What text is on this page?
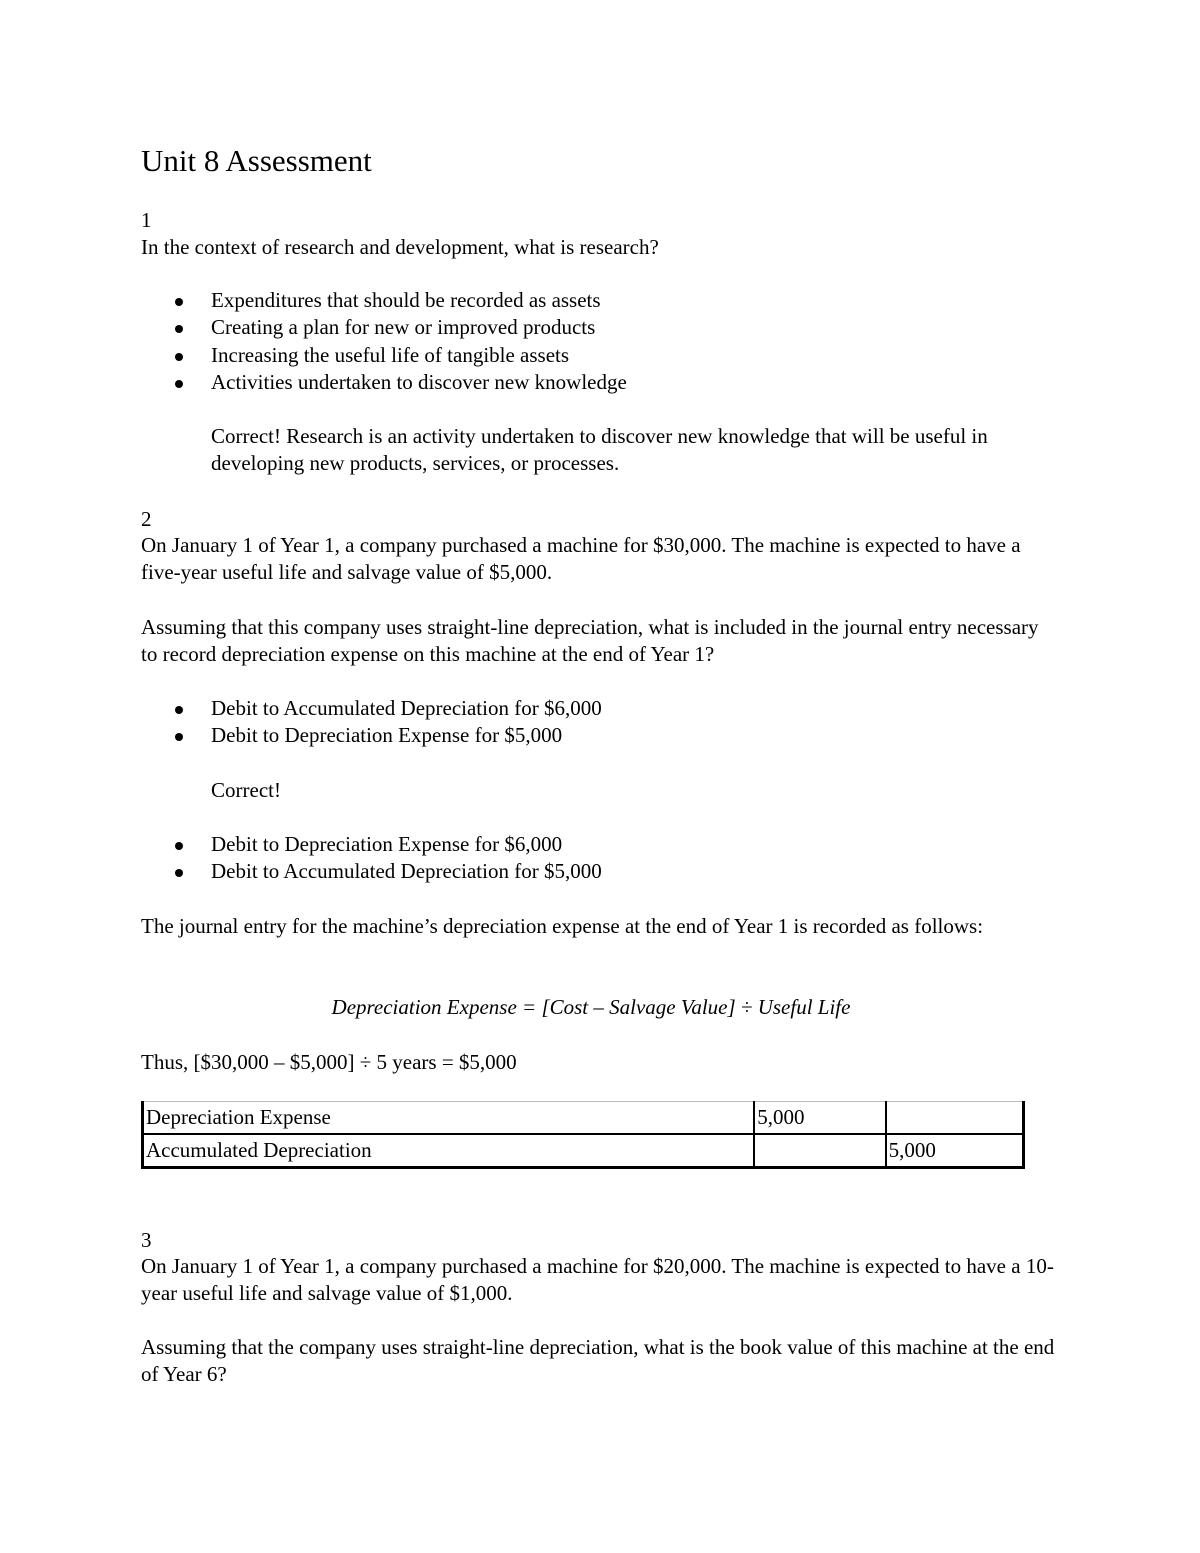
Unit 8 Assessment
1
In the context of research and development, what is research?
Expenditures that should be recorded as assets
Creating a plan for new or improved products
Increasing the useful life of tangible assets
Activities undertaken to discover new knowledge
Correct! Research is an activity undertaken to discover new knowledge that will be useful in developing new products, services, or processes.
2
On January 1 of Year 1, a company purchased a machine for $30,000. The machine is expected to have a five-year useful life and salvage value of $5,000.
Assuming that this company uses straight-line depreciation, what is included in the journal entry necessary to record depreciation expense on this machine at the end of Year 1?
Debit to Accumulated Depreciation for $6,000
Debit to Depreciation Expense for $5,000
Correct!
Debit to Depreciation Expense for $6,000
Debit to Accumulated Depreciation for $5,000
The journal entry for the machine’s depreciation expense at the end of Year 1 is recorded as follows:
Depreciation Expense = [Cost – Salvage Value] ÷ Useful Life
Thus, [$30,000 – $5,000] ÷ 5 years = $5,000
Depreciation Expense	5,000	
Accumulated Depreciation		5,000
3
On January 1 of Year 1, a company purchased a machine for $20,000. The machine is expected to have a 10-year useful life and salvage value of $1,000.
Assuming that the company uses straight-line depreciation, what is the book value of this machine at the end of Year 6?
